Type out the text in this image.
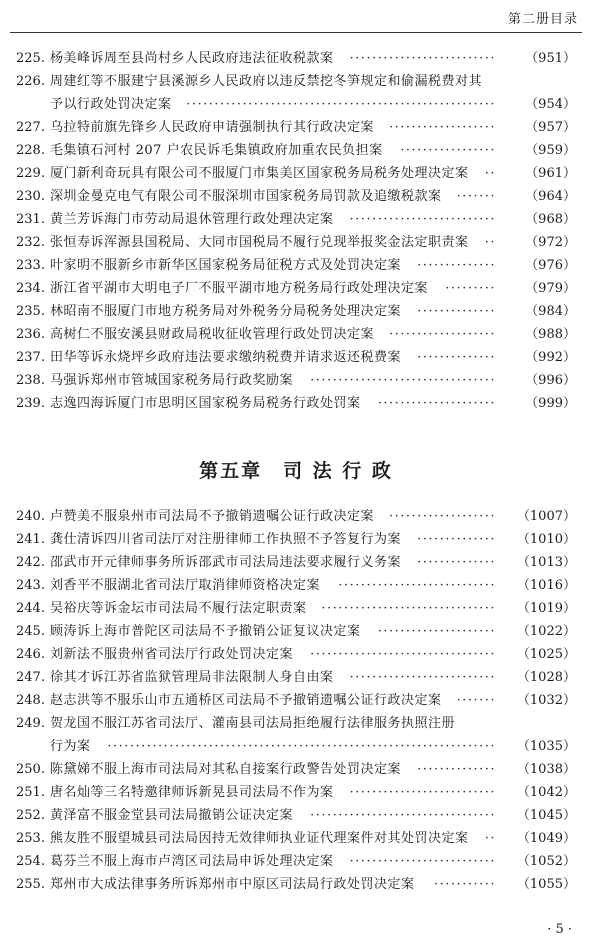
第二册目录
225. 杨美峰诉周至县尚村乡人民政府违法征收税款案 ·························· （951）
226. 周建红等不服建宁县溪源乡人民政府以违反禁挖冬笋规定和偷漏税费对其
予以行政处罚决定案 ······················································· （954）
227. 乌拉特前旗先锋乡人民政府申请强制执行其行政决定案 ··················· （957）
228. 毛集镇石河村 207 户农民诉毛集镇政府加重农民负担案 ················· （959）
229. 厦门新利奇玩具有限公司不服厦门市集美区国家税务局税务处理决定案 ·· （961）
230. 深圳金曼克电气有限公司不服深圳市国家税务局罚款及追缴税款案 ······· （964）
231. 黄兰芳诉海门市劳动局退休管理行政处理决定案 ·························· （968）
232. 张恒寿诉浑源县国税局、大同市国税局不履行兑现举报奖金法定职责案 ·· （972）
233. 叶家明不服新乡市新华区国家税务局征税方式及处罚决定案 ·············· （976）
234. 浙江省平湖市大明电子厂不服平湖市地方税务局行政处理决定案 ········· （979）
235. 林昭南不服厦门市地方税务局对外税务分局税务处理决定案 ·············· （984）
236. 高树仁不服安溪县财政局税收征收管理行政处罚决定案 ··················· （988）
237. 田华等诉永烧坪乡政府违法要求缴纳税费并请求返还税费案 ·············· （992）
238. 马强诉郑州市管城国家税务局行政奖励案 ································· （996）
239. 志逸四海诉厦门市思明区国家税务局税务行政处罚案 ····················· （999）
第五章　司 法 行 政
240. 卢赞美不服泉州市司法局不予撤销遗嘱公证行政决定案 ··················· （1007）
241. 龚仕清诉四川省司法厅对注册律师工作执照不予答复行为案 ·············· （1010）
242. 邵武市开元律师事务所诉邵武市司法局违法要求履行义务案 ·············· （1013）
243. 刘香平不服湖北省司法厅取消律师资格决定案 ···························· （1016）
244. 吴裕庆等诉金坛市司法局不履行法定职责案 ······························· （1019）
245. 顾涛诉上海市普陀区司法局不予撤销公证复议决定案 ····················· （1022）
246. 刘新法不服贵州省司法厅行政处罚决定案 ································· （1025）
247. 徐其才诉江苏省监狱管理局非法限制人身自由案 ·························· （1028）
248. 赵志洪等不服乐山市五通桥区司法局不予撤销遗嘱公证行政决定案 ······· （1032）
249. 贺龙国不服江苏省司法厅、灌南县司法局拒绝履行法律服务执照注册
行为案 ····································································· （1035）
250. 陈黛娣不服上海市司法局对其私自接案行政警告处罚决定案 ·············· （1038）
251. 唐名灿等三名特邀律师诉新晃县司法局不作为案 ·························· （1042）
252. 黄泽富不服金堂县司法局撤销公证决定案 ································· （1045）
253. 熊友胜不服望城县司法局因持无效律师执业证代理案件对其处罚决定案 ·· （1049）
254. 葛芬兰不服上海市卢湾区司法局申诉处理决定案 ·························· （1052）
255. 郑州市大成法律事务所诉郑州市中原区司法局行政处罚决定案 ··········· （1055）
· 5 ·
